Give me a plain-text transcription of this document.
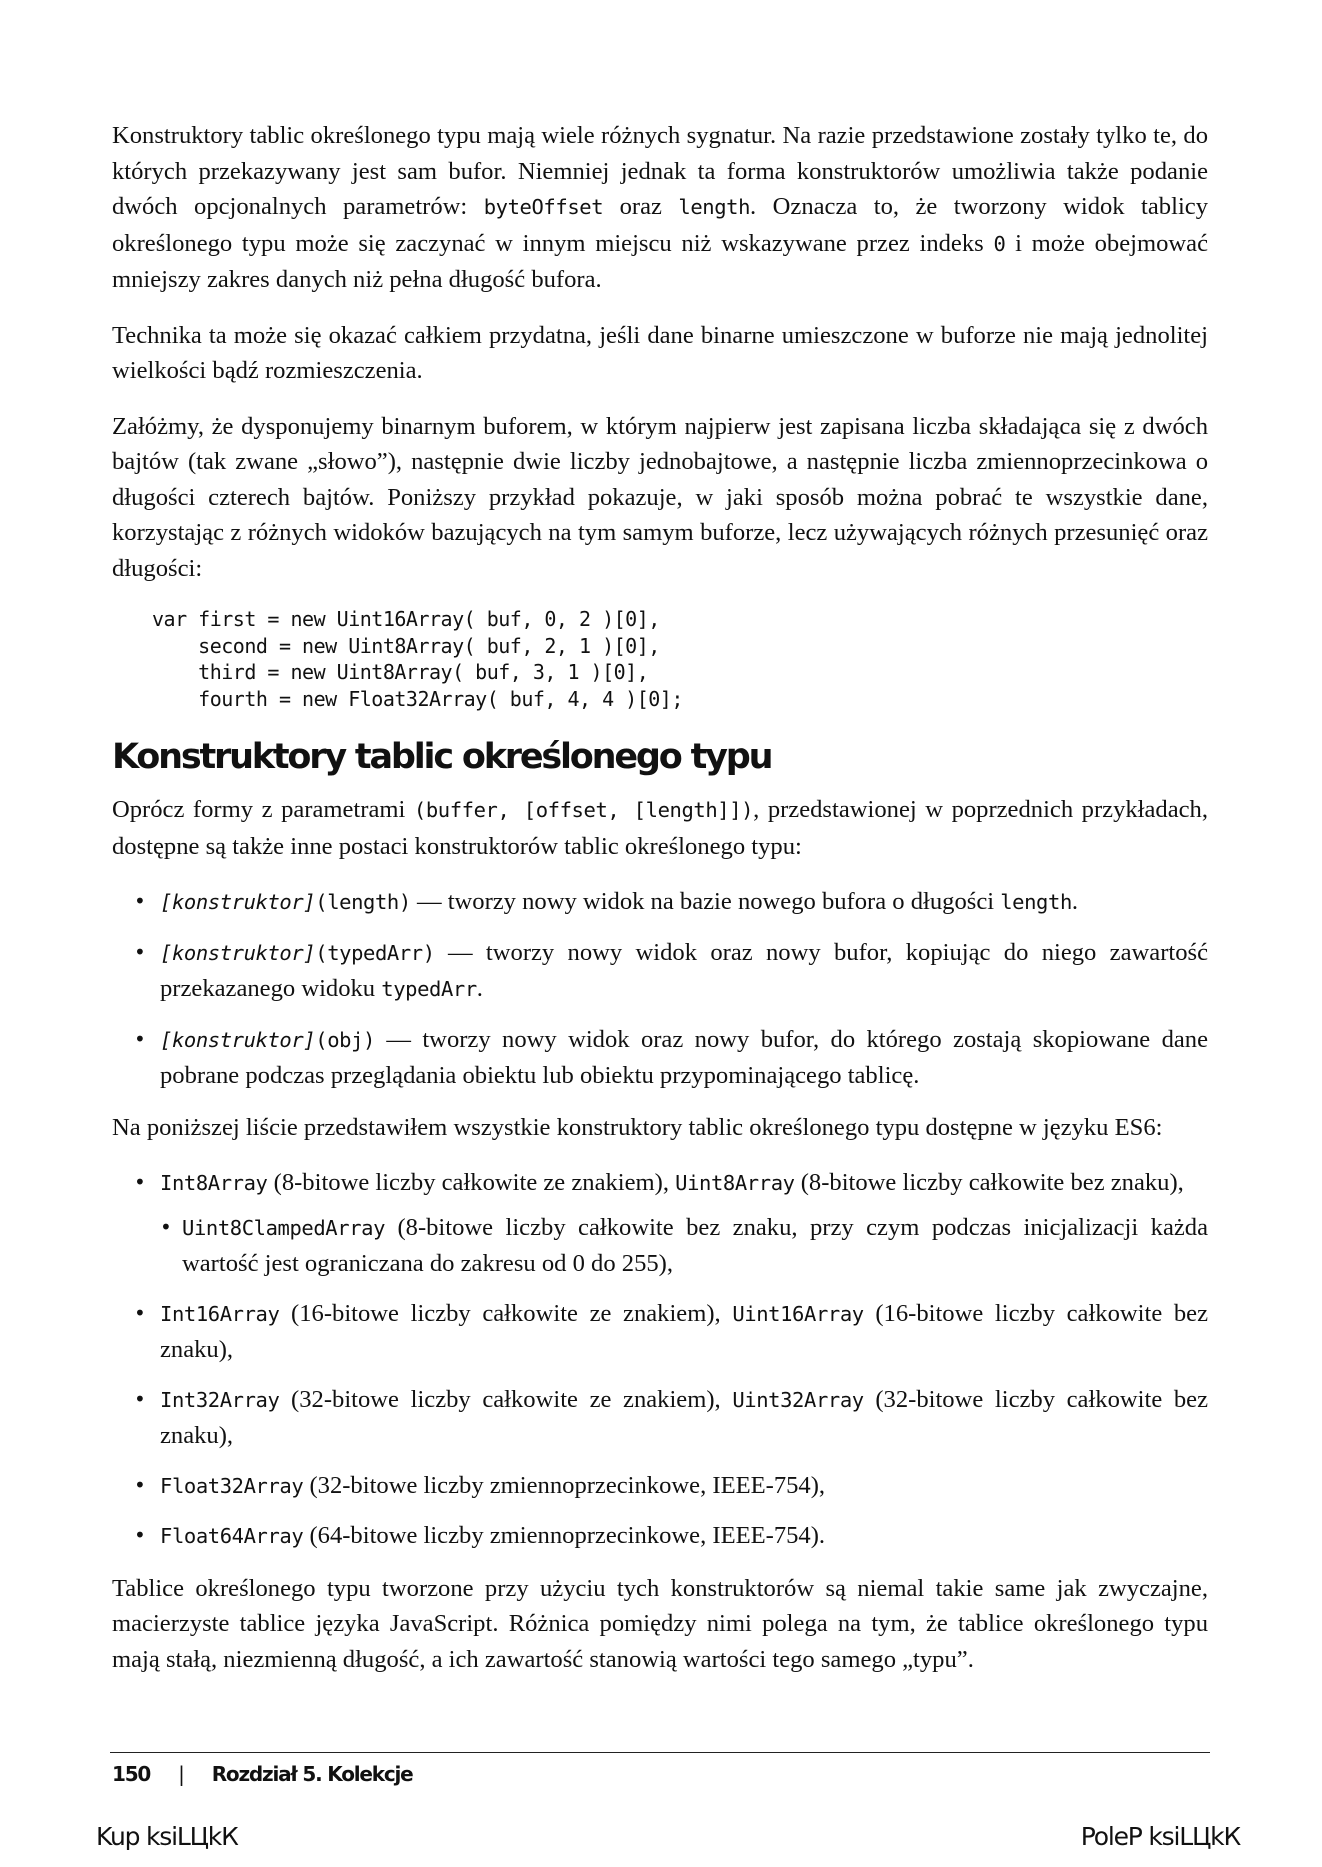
Konstruktory tablic określonego typu mają wiele różnych sygnatur. Na razie przedstawione zostały tylko te, do których przekazywany jest sam bufor. Niemniej jednak ta forma konstruktorów umożliwia także podanie dwóch opcjonalnych parametrów: byteOffset oraz length. Oznacza to, że tworzony widok tablicy określonego typu może się zaczynać w innym miejscu niż wskazywane przez indeks 0 i może obejmować mniejszy zakres danych niż pełna długość bufora.

Technika ta może się okazać całkiem przydatna, jeśli dane binarne umieszczone w buforze nie mają jednolitej wielkości bądź rozmieszczenia.

Załóżmy, że dysponujemy binarnym buforem, w którym najpierw jest zapisana liczba składająca się z dwóch bajtów (tak zwane „słowo”), następnie dwie liczby jednobajtowe, a następnie liczba zmiennoprzecinkowa o długości czterech bajtów. Poniższy przykład pokazuje, w jaki sposób można pobrać te wszystkie dane, korzystając z różnych widoków bazujących na tym samym buforze, lecz używających różnych przesunięć oraz długości:

var first = new Uint16Array( buf, 0, 2 )[0],
second = new Uint8Array( buf, 2, 1 )[0],
third = new Uint8Array( buf, 3, 1 )[0],
fourth = new Float32Array( buf, 4, 4 )[0];
Konstruktory tablic określonego typu

Oprócz formy z parametrami (buffer, [offset, [length]]), przedstawionej w poprzednich przykładach, dostępne są także inne postaci konstruktorów tablic określonego typu:

• [konstruktor](length) — tworzy nowy widok na bazie nowego bufora o długości length.
• [konstruktor](typedArr) — tworzy nowy widok oraz nowy bufor, kopiując do niego zawartość przekazanego widoku typedArr.
• [konstruktor](obj) — tworzy nowy widok oraz nowy bufor, do którego zostają skopiowane dane pobrane podczas przeglądania obiektu lub obiektu przypominającego tablicę.

Na poniższej liście przedstawiłem wszystkie konstruktory tablic określonego typu dostępne w języku ES6:

• Int8Array (8-bitowe liczby całkowite ze znakiem), Uint8Array (8-bitowe liczby całkowite bez znaku),
• Uint8ClampedArray (8-bitowe liczby całkowite bez znaku, przy czym podczas inicjalizacji każda wartość jest ograniczana do zakresu od 0 do 255),
• Int16Array (16-bitowe liczby całkowite ze znakiem), Uint16Array (16-bitowe liczby całkowite bez znaku),
• Int32Array (32-bitowe liczby całkowite ze znakiem), Uint32Array (32-bitowe liczby całkowite bez znaku),
• Float32Array (32-bitowe liczby zmiennoprzecinkowe, IEEE-754),
• Float64Array (64-bitowe liczby zmiennoprzecinkowe, IEEE-754).

Tablice określonego typu tworzone przy użyciu tych konstruktorów są niemal takie same jak zwyczajne, macierzyste tablice języka JavaScript. Różnica pomiędzy nimi polega na tym, że tablice określonego typu mają stałą, niezmienną długość, a ich zawartość stanowią wartości tego samego „typu”.

150 | Rozdział 5. Kolekcje
Kup ksiLЦkК	PoleР ksiLЦkК
